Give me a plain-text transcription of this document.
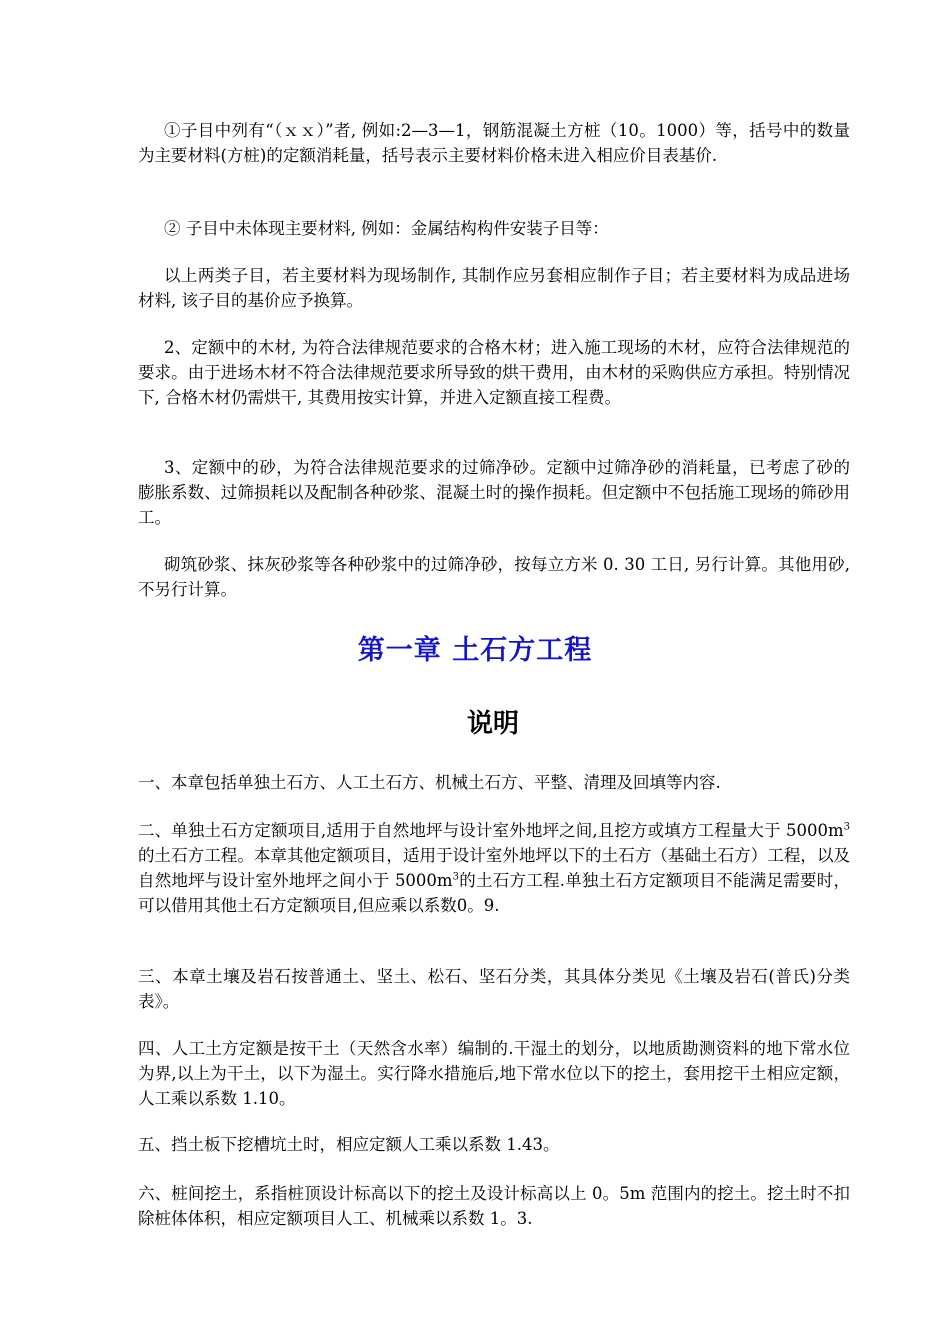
①子目中列有“（ｘｘ）”者, 例如:2—3—1，钢筋混凝土方桩（10。1000）等，括号中的数量为主要材料(方桩)的定额消耗量，括号表示主要材料价格未进入相应价目表基价.

② 子目中未体现主要材料, 例如：金属结构构件安装子目等：

以上两类子目，若主要材料为现场制作, 其制作应另套相应制作子目；若主要材料为成品进场材料, 该子目的基价应予换算。

2、定额中的木材, 为符合法律规范要求的合格木材；进入施工现场的木材，应符合法律规范的要求。由于进场木材不符合法律规范要求所导致的烘干费用，由木材的采购供应方承担。特别情况下, 合格木材仍需烘干, 其费用按实计算，并进入定额直接工程费。

3、定额中的砂，为符合法律规范要求的过筛净砂。定额中过筛净砂的消耗量，已考虑了砂的膨胀系数、过筛损耗以及配制各种砂浆、混凝土时的操作损耗。但定额中不包括施工现场的筛砂用工。

砌筑砂浆、抹灰砂浆等各种砂浆中的过筛净砂，按每立方米 0. 30 工日, 另行计算。其他用砂, 不另行计算。

第一章 土石方工程
说明

一、本章包括单独土石方、人工土石方、机械土石方、平整、清理及回填等内容.

二、单独土石方定额项目,适用于自然地坪与设计室外地坪之间,且挖方或填方工程量大于 $5000m^3$的土石方工程。本章其他定额项目，适用于设计室外地坪以下的土石方（基础土石方）工程，以及自然地坪与设计室外地坪之间小于 $5000m^3$的土石方工程.单独土石方定额项目不能满足需要时，可以借用其他土石方定额项目,但应乘以系数0。9.

三、本章土壤及岩石按普通土、坚土、松石、坚石分类，其具体分类见《土壤及岩石(普氏)分类表》。

四、人工土方定额是按干土（天然含水率）编制的.干湿土的划分，以地质勘测资料的地下常水位为界,以上为干土，以下为湿土。实行降水措施后,地下常水位以下的挖土，套用挖干土相应定额，人工乘以系数 1.10。

五、挡土板下挖槽坑土时，相应定额人工乘以系数 1.43。

六、桩间挖土，系指桩顶设计标高以下的挖土及设计标高以上 0。5m 范围内的挖土。挖土时不扣除桩体体积，相应定额项目人工、机械乘以系数 1。3.
